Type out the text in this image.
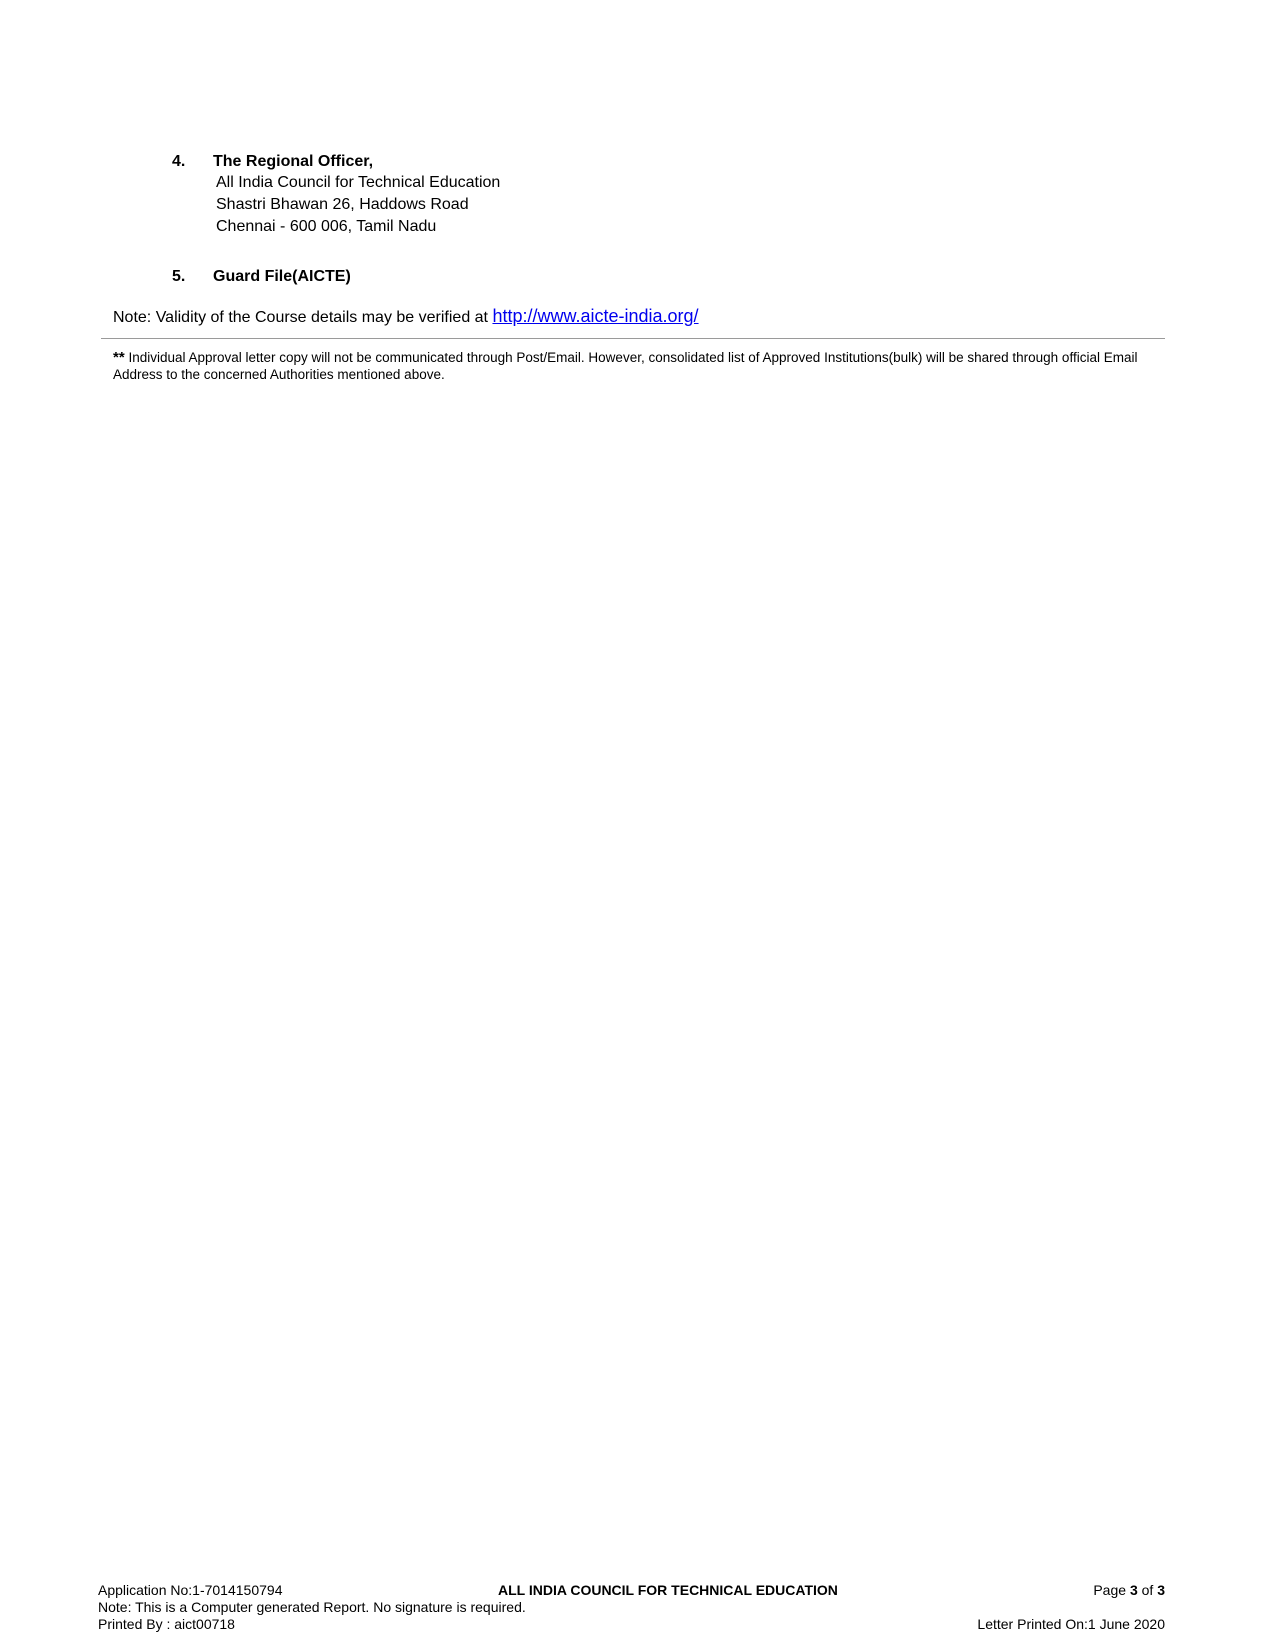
4. The Regional Officer,
All India Council for Technical Education
Shastri Bhawan 26, Haddows Road
Chennai - 600 006, Tamil Nadu
5. Guard File(AICTE)
Note: Validity of the Course details may be verified at http://www.aicte-india.org/
** Individual Approval letter copy will not be communicated through Post/Email. However, consolidated list of Approved Institutions(bulk) will be shared through official Email Address to the concerned Authorities mentioned above.
Application No:1-7014150794	ALL INDIA COUNCIL FOR TECHNICAL EDUCATION	Page 3 of 3
Note: This is a Computer generated Report. No signature is required.
Printed By : aict00718	Letter Printed On:1 June 2020
